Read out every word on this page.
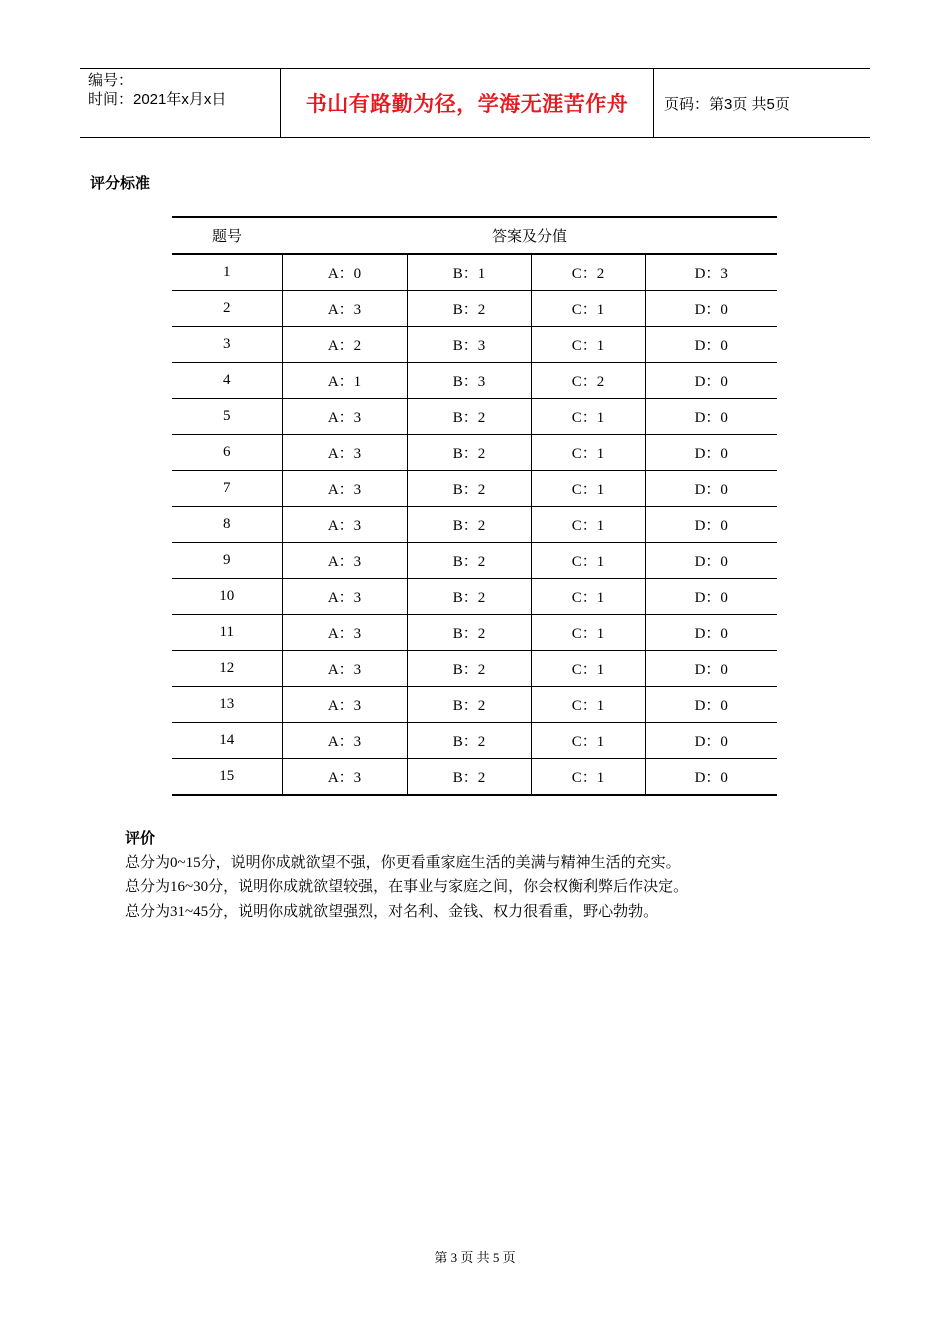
编号：
时间：2021年x月x日	书山有路勤为径，学海无涯苦作舟	页码：第3页 共5页
评分标准
题号	答案及分值			
1	A：0	B：1	C：2	D：3
2	A：3	B：2	C：1	D：0
3	A：2	B：3	C：1	D：0
4	A：1	B：3	C：2	D：0
5	A：3	B：2	C：1	D：0
6	A：3	B：2	C：1	D：0
7	A：3	B：2	C：1	D：0
8	A：3	B：2	C：1	D：0
9	A：3	B：2	C：1	D：0
10	A：3	B：2	C：1	D：0
11	A：3	B：2	C：1	D：0
12	A：3	B：2	C：1	D：0
13	A：3	B：2	C：1	D：0
14	A：3	B：2	C：1	D：0
15	A：3	B：2	C：1	D：0
评价
总分为0~15分，说明你成就欲望不强，你更看重家庭生活的美满与精神生活的充实。
总分为16~30分，说明你成就欲望较强，在事业与家庭之间，你会权衡利弊后作决定。
总分为31~45分，说明你成就欲望强烈，对名利、金钱、权力很看重，野心勃勃。
第 3 页 共 5 页
